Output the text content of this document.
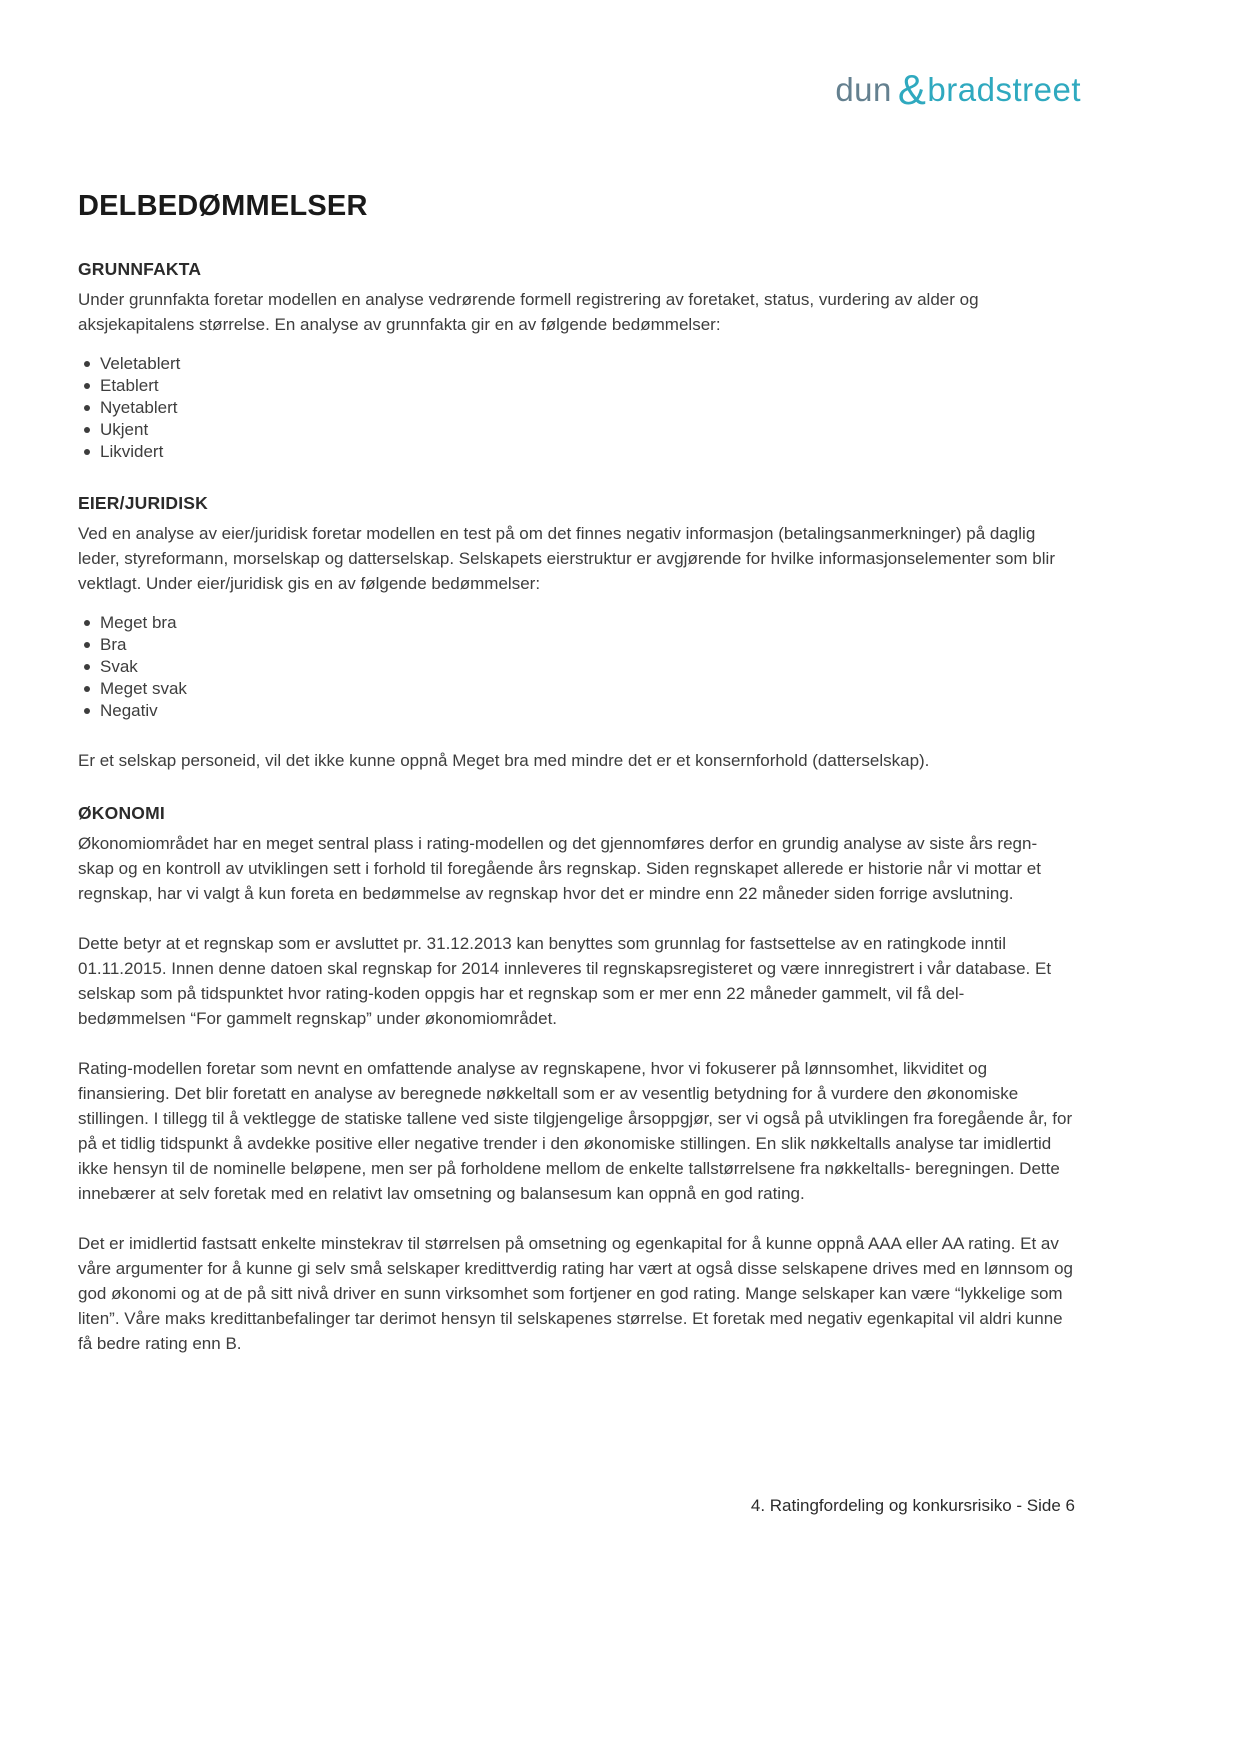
dun &bradstreet
DELBEDØMMELSER
GRUNNFAKTA

Under grunnfakta foretar modellen en analyse vedrørende formell registrering av foretaket, status, vurdering av alder og aksjekapitalens størrelse. En analyse av grunnfakta gir en av følgende bedømmelser:

Veletablert
Etablert
Nyetablert
Ukjent
Likvidert
EIER/JURIDISK

Ved en analyse av eier/juridisk foretar modellen en test på om det finnes negativ informasjon (betalingsanmerkninger) på daglig leder, styreformann, morselskap og datterselskap. Selskapets eierstruktur er avgjørende for hvilke informasjonselementer som blir vektlagt. Under eier/juridisk gis en av følgende bedømmelser:

Meget bra
Bra
Svak
Meget svak
Negativ

Er et selskap personeid, vil det ikke kunne oppnå Meget bra med mindre det er et konsernforhold (datterselskap).

ØKONOMI

Økonomiområdet har en meget sentral plass i rating-modellen og det gjennomføres derfor en grundig analyse av siste års regn- skap og en kontroll av utviklingen sett i forhold til foregående års regnskap. Siden regnskapet allerede er historie når vi mottar et regnskap, har vi valgt å kun foreta en bedømmelse av regnskap hvor det er mindre enn 22 måneder siden forrige avslutning.

Dette betyr at et regnskap som er avsluttet pr. 31.12.2013 kan benyttes som grunnlag for fastsettelse av en ratingkode inntil 01.11.2015. Innen denne datoen skal regnskap for 2014 innleveres til regnskapsregisteret og være innregistrert i vår database. Et selskap som på tidspunktet hvor rating-koden oppgis har et regnskap som er mer enn 22 måneder gammelt, vil få del- bedømmelsen “For gammelt regnskap” under økonomiområdet.

Rating-modellen foretar som nevnt en omfattende analyse av regnskapene, hvor vi fokuserer på lønnsomhet, likviditet og finansiering. Det blir foretatt en analyse av beregnede nøkkeltall som er av vesentlig betydning for å vurdere den økonomiske stillingen. I tillegg til å vektlegge de statiske tallene ved siste tilgjengelige årsoppgjør, ser vi også på utviklingen fra foregående år, for på et tidlig tidspunkt å avdekke positive eller negative trender i den økonomiske stillingen. En slik nøkkeltalls analyse tar imidlertid ikke hensyn til de nominelle beløpene, men ser på forholdene mellom de enkelte tallstørrelsene fra nøkkeltalls- beregningen. Dette innebærer at selv foretak med en relativt lav omsetning og balansesum kan oppnå en god rating.

Det er imidlertid fastsatt enkelte minstekrav til størrelsen på omsetning og egenkapital for å kunne oppnå AAA eller AA rating. Et av våre argumenter for å kunne gi selv små selskaper kredittverdig rating har vært at også disse selskapene drives med en lønnsom og god økonomi og at de på sitt nivå driver en sunn virksomhet som fortjener en god rating. Mange selskaper kan være “lykkelige som liten”. Våre maks kredittanbefalinger tar derimot hensyn til selskapenes størrelse. Et foretak med negativ egenkapital vil aldri kunne få bedre rating enn B.

4. Ratingfordeling og konkursrisiko - Side 6
